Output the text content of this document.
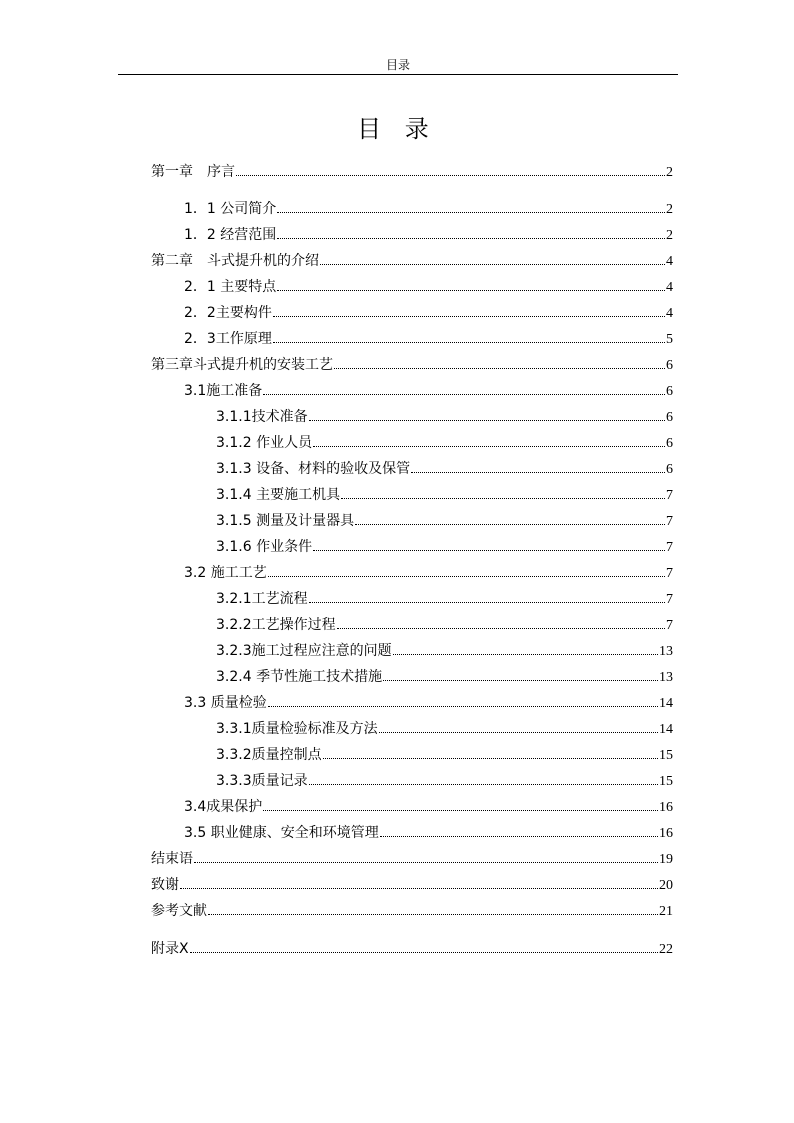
目录
目 录
第一章　序言	2
1．1 公司简介	2
1．2 经营范围	2
第二章　斗式提升机的介绍	4
2．1 主要特点	4
2．2主要构件	4
2．3工作原理	5
第三章斗式提升机的安装工艺	6
3.1施工准备	6
3.1.1技术准备	6
3.1.2 作业人员	6
3.1.3 设备、材料的验收及保管	6
3.1.4 主要施工机具	7
3.1.5 测量及计量器具	7
3.1.6 作业条件	7
3.2 施工工艺	7
3.2.1工艺流程	7
3.2.2工艺操作过程	7
3.2.3施工过程应注意的问题	13
3.2.4 季节性施工技术措施	13
3.3 质量检验	14
3.3.1质量检验标准及方法	14
3.3.2质量控制点	15
3.3.3质量记录	15
3.4成果保护	16
3.5 职业健康、安全和环境管理	16
结束语	19
致谢	20
参考文献	21
附录X	22
